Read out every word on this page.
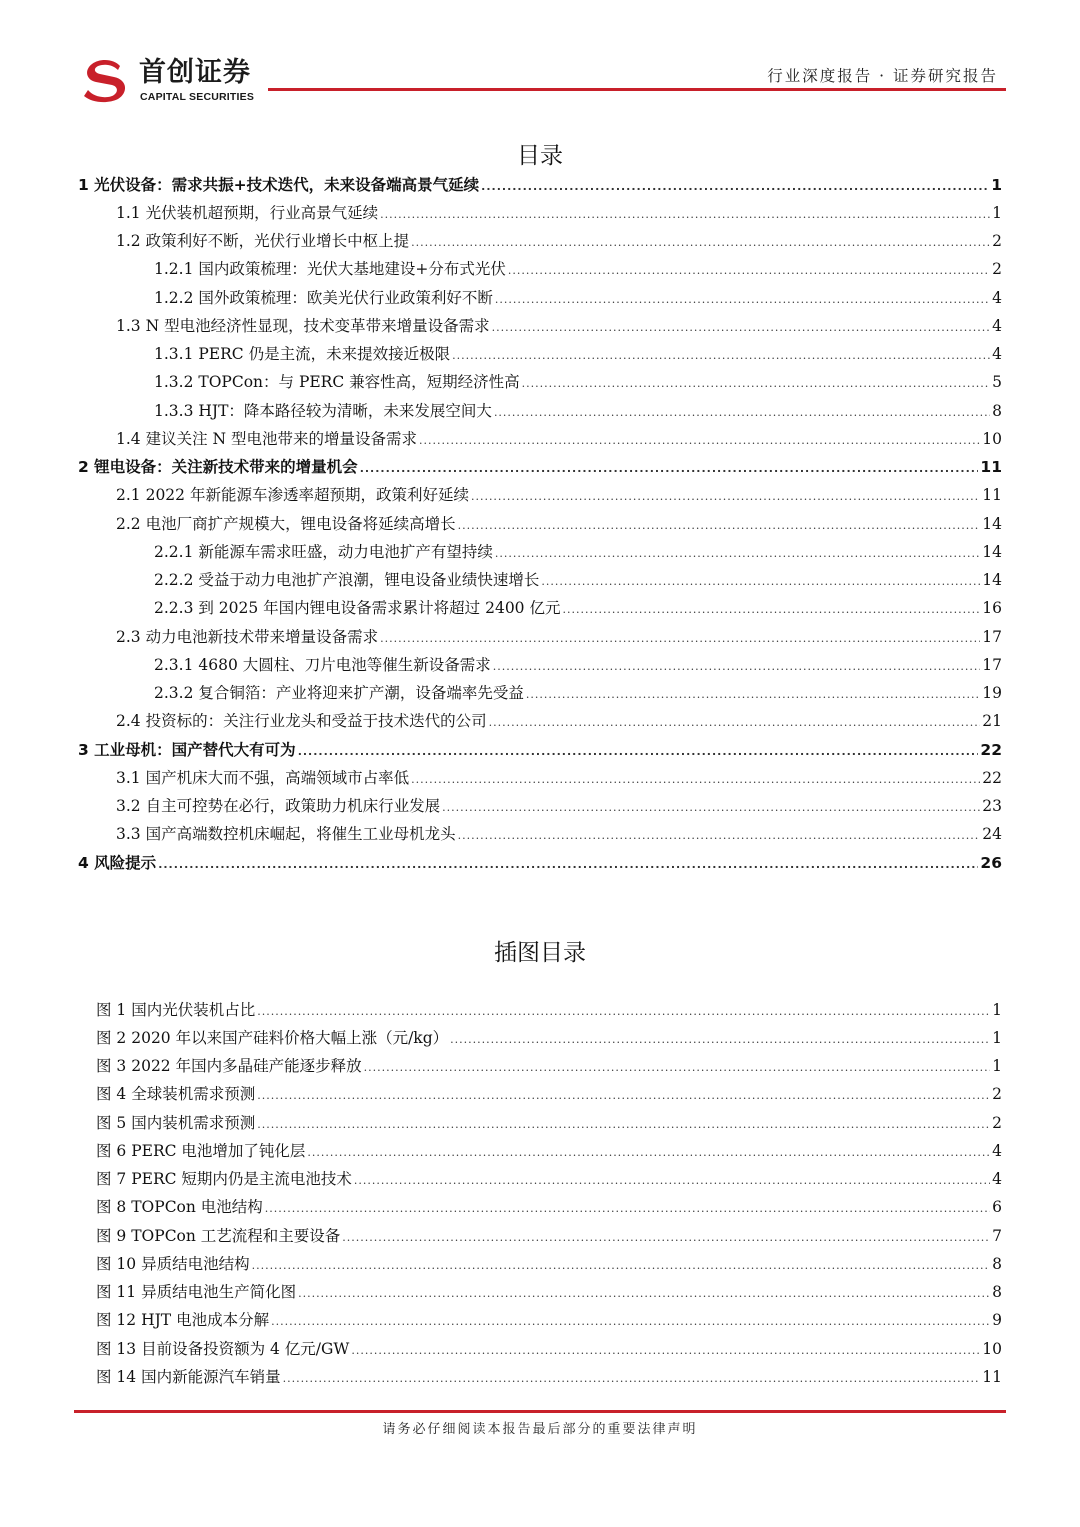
首创证券
CAPITAL SECURITIES
行业深度报告 · 证券研究报告
目录
1 光伏设备：需求共振+技术迭代，未来设备端高景气延续 .....	1
1.1 光伏装机超预期，行业高景气延续 .....	1
1.2 政策利好不断，光伏行业增长中枢上提 .....	2
1.2.1 国内政策梳理：光伏大基地建设+分布式光伏 .....	2
1.2.2 国外政策梳理：欧美光伏行业政策利好不断 .....	4
1.3 N 型电池经济性显现，技术变革带来增量设备需求 .....	4
1.3.1 PERC 仍是主流，未来提效接近极限 .....	4
1.3.2 TOPCon：与 PERC 兼容性高，短期经济性高 .....	5
1.3.3 HJT：降本路径较为清晰，未来发展空间大 .....	8
1.4 建议关注 N 型电池带来的增量设备需求 .....	10
2 锂电设备：关注新技术带来的增量机会 .....	11
2.1 2022 年新能源车渗透率超预期，政策利好延续 .....	11
2.2 电池厂商扩产规模大，锂电设备将延续高增长 .....	14
2.2.1 新能源车需求旺盛，动力电池扩产有望持续 .....	14
2.2.2 受益于动力电池扩产浪潮，锂电设备业绩快速增长 .....	14
2.2.3 到 2025 年国内锂电设备需求累计将超过 2400 亿元 .....	16
2.3 动力电池新技术带来增量设备需求 .....	17
2.3.1 4680 大圆柱、刀片电池等催生新设备需求 .....	17
2.3.2 复合铜箔：产业将迎来扩产潮，设备端率先受益 .....	19
2.4 投资标的：关注行业龙头和受益于技术迭代的公司 .....	21
3 工业母机：国产替代大有可为 .....	22
3.1 国产机床大而不强，高端领域市占率低 .....	22
3.2 自主可控势在必行，政策助力机床行业发展 .....	23
3.3 国产高端数控机床崛起，将催生工业母机龙头 .....	24
4 风险提示 .....	26
插图目录
图 1 国内光伏装机占比 .....	1
图 2 2020 年以来国产硅料价格大幅上涨（元/kg） .....	1
图 3 2022 年国内多晶硅产能逐步释放 .....	1
图 4 全球装机需求预测 .....	2
图 5 国内装机需求预测 .....	2
图 6 PERC 电池增加了钝化层 .....	4
图 7 PERC 短期内仍是主流电池技术 .....	4
图 8 TOPCon 电池结构 .....	6
图 9 TOPCon 工艺流程和主要设备 .....	7
图 10 异质结电池结构 .....	8
图 11 异质结电池生产简化图 .....	8
图 12 HJT 电池成本分解 .....	9
图 13 目前设备投资额为 4 亿元/GW .....	10
图 14 国内新能源汽车销量 .....	11
请务必仔细阅读本报告最后部分的重要法律声明
